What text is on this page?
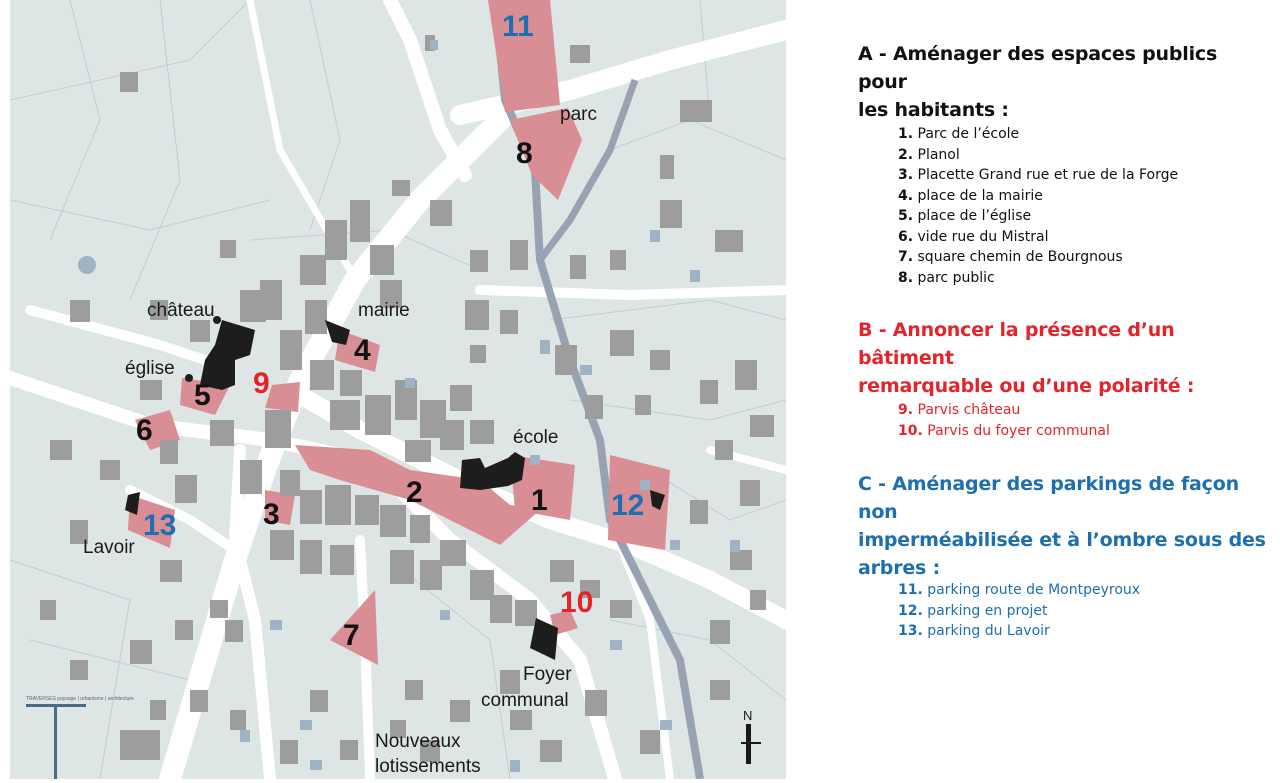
parc
château	mairie
église
école
Lavoir
Foyer
communal
Nouveaux
lotissements
1
2
3
4
5
6
7
8
9
10
11
12
13
N
TRAVERSES paysage | urbanisme | architecture
A - Aménager des espaces publics pour
les habitants :
1. Parc de l’école
2. Planol
3. Placette Grand rue et rue de la Forge
4. place de la mairie
5. place de l’église
6. vide rue du Mistral
7. square chemin de Bourgnous
8. parc public
B - Annoncer la présence d’un bâtiment
remarquable ou d’une polarité :
9. Parvis château
10. Parvis du foyer communal
C - Aménager des parkings de façon non
imperméabilisée et à l’ombre sous des
arbres :
11. parking route de Montpeyroux
12. parking en projet
13. parking du Lavoir
